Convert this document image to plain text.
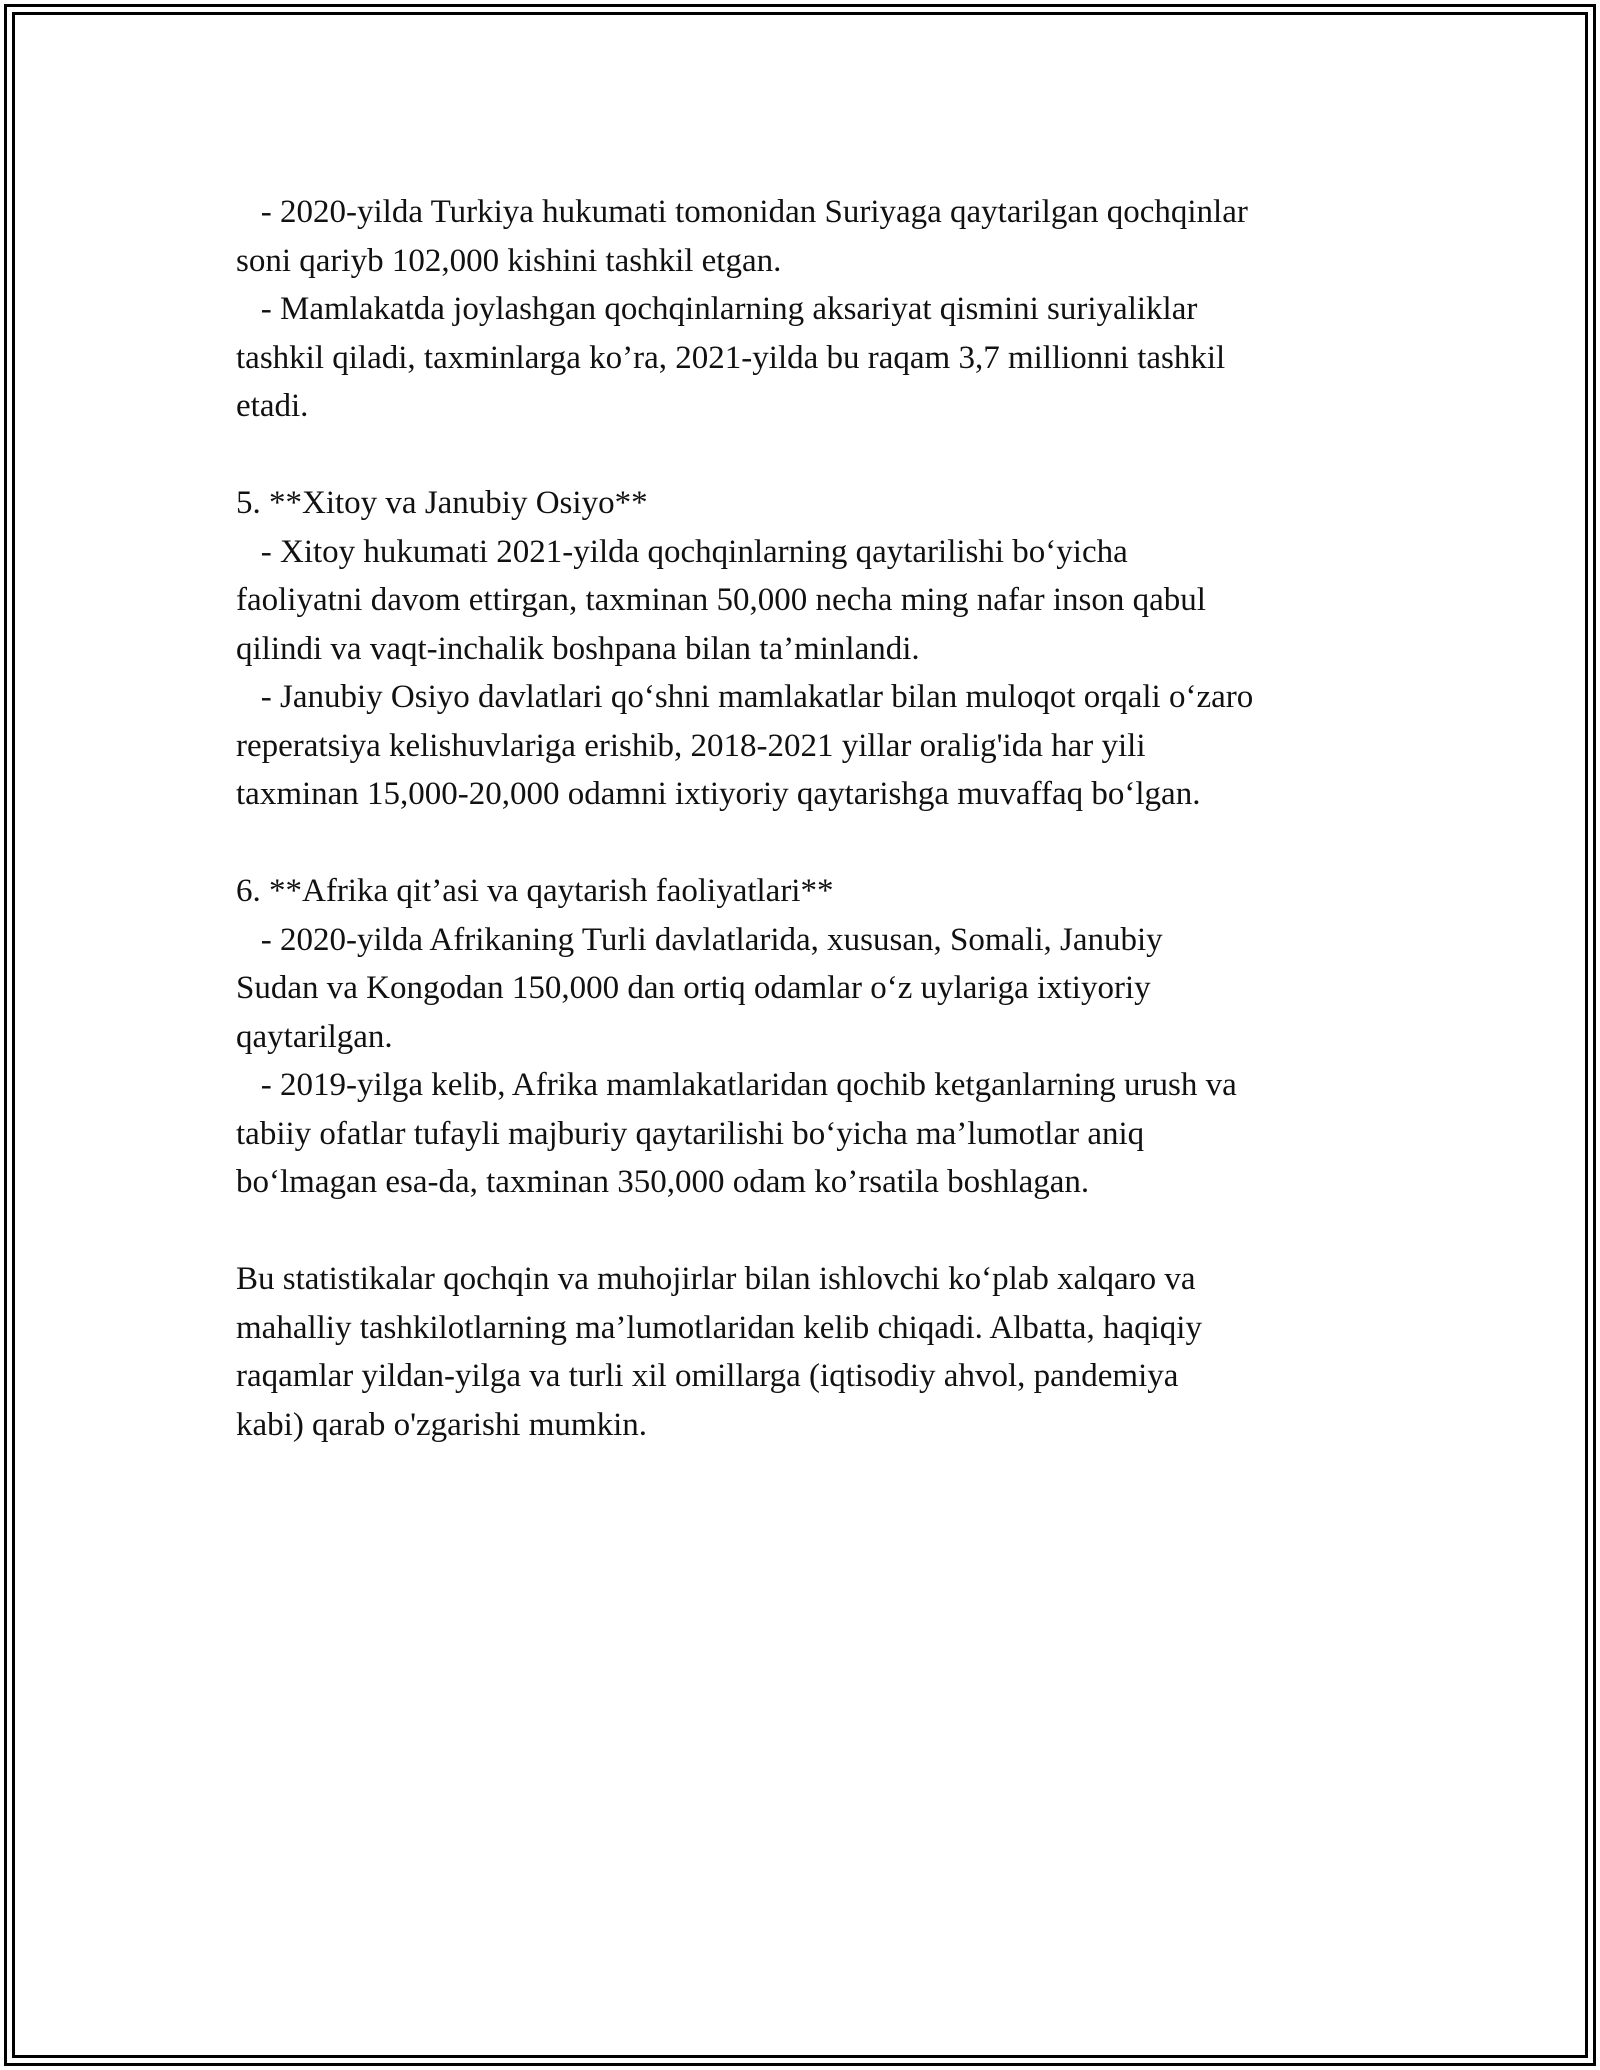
- 2020-yilda Turkiya hukumati tomonidan Suriyaga qaytarilgan qochqinlar

soni qariyb 102,000 kishini tashkil etgan.

- Mamlakatda joylashgan qochqinlarning aksariyat qismini suriyaliklar

tashkil qiladi, taxminlarga ko’ra, 2021-yilda bu raqam 3,7 millionni tashkil

etadi.

5. **Xitoy va Janubiy Osiyo**

- Xitoy hukumati 2021-yilda qochqinlarning qaytarilishi bo‘yicha

faoliyatni davom ettirgan, taxminan 50,000 necha ming nafar inson qabul

qilindi va vaqt-inchalik boshpana bilan ta’minlandi.

- Janubiy Osiyo davlatlari qo‘shni mamlakatlar bilan muloqot orqali o‘zaro

reperatsiya kelishuvlariga erishib, 2018-2021 yillar oralig'ida har yili

taxminan 15,000-20,000 odamni ixtiyoriy qaytarishga muvaffaq bo‘lgan.

6. **Afrika qit’asi va qaytarish faoliyatlari**

- 2020-yilda Afrikaning Turli davlatlarida, xususan, Somali, Janubiy

Sudan va Kongodan 150,000 dan ortiq odamlar o‘z uylariga ixtiyoriy

qaytarilgan.

- 2019-yilga kelib, Afrika mamlakatlaridan qochib ketganlarning urush va

tabiiy ofatlar tufayli majburiy qaytarilishi bo‘yicha ma’lumotlar aniq

bo‘lmagan esa-da, taxminan 350,000 odam ko’rsatila boshlagan.

Bu statistikalar qochqin va muhojirlar bilan ishlovchi ko‘plab xalqaro va

mahalliy tashkilotlarning ma’lumotlaridan kelib chiqadi. Albatta, haqiqiy

raqamlar yildan-yilga va turli xil omillarga (iqtisodiy ahvol, pandemiya

kabi) qarab o'zgarishi mumkin.
